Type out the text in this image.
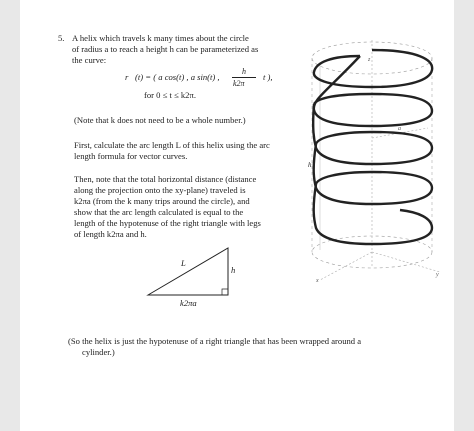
5. A helix which travels k many times about the circle
of radius a to reach a height h can be parameterized as
the curve:
r⃗(t) = ( a cos(t) , a sin(t) ,
h
k2π
t ),
for 0 ≤ t ≤ k2π.
(Note that k does not need to be a whole number.)
First, calculate the arc length L of this helix using the arc
length formula for vector curves.
Then, note that the total horizontal distance (distance
along the projection onto the xy-plane) traveled is
k2πa (from the k many trips around the circle), and
show that the arc length calculated is equal to the
length of the hypotenuse of the right triangle with legs
of length k2πa and h.
L
h
k2πa
z
h
a
x
y
(So the helix is just the hypotenuse of a right triangle that has been wrapped around a
cylinder.)
